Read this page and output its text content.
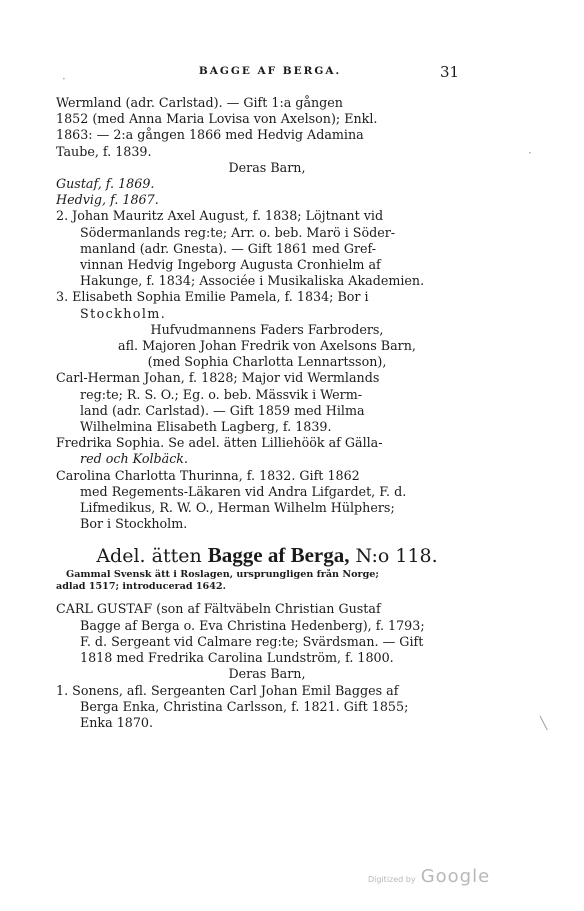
BAGGE AF BERGA.	31
Wermland (adr. Carlstad). — Gift 1:a gången
1852 (med Anna Maria Lovisa von Axelson); Enkl.
1863: — 2:a gången 1866 med Hedvig Adamina
Taube, f. 1839.
Deras Barn,
Gustaf, f. 1869.
Hedvig, f. 1867.
2. Johan Mauritz Axel August, f. 1838; Löjtnant vid
Södermanlands reg:te; Arr. o. beb. Marö i Söder-
manland (adr. Gnesta). — Gift 1861 med Gref-
vinnan Hedvig Ingeborg Augusta Cronhielm af
Hakunge, f. 1834; Associée i Musikaliska Akademien.
3. Elisabeth Sophia Emilie Pamela, f. 1834; Bor i
Stockholm.
Hufvudmannens Faders Farbroders,
afl. Majoren Johan Fredrik von Axelsons Barn,
(med Sophia Charlotta Lennartsson),
Carl-Herman Johan, f. 1828; Major vid Wermlands
reg:te; R. S. O.; Eg. o. beb. Mässvik i Werm-
land (adr. Carlstad). — Gift 1859 med Hilma
Wilhelmina Elisabeth Lagberg, f. 1839.
Fredrika Sophia. Se adel. ätten Lilliehöök af Gälla-
red och Kolbäck.
Carolina Charlotta Thurinna, f. 1832. Gift 1862
med Regements-Läkaren vid Andra Lifgardet, F. d.
Lifmedikus, R. W. O., Herman Wilhelm Hülphers;
Bor i Stockholm.
Adel. ätten Bagge af Berga, N:o 118.
Gammal Svensk ätt i Roslagen, ursprungligen från Norge;
adlad 1517; introducerad 1642.
CARL GUSTAF (son af Fältväbeln Christian Gustaf
Bagge af Berga o. Eva Christina Hedenberg), f. 1793;
F. d. Sergeant vid Calmare reg:te; Svärdsman. — Gift
1818 med Fredrika Carolina Lundström, f. 1800.
Deras Barn,
1. Sonens, afl. Sergeanten Carl Johan Emil Bagges af
Berga Enka, Christina Carlsson, f. 1821. Gift 1855;
Enka 1870.
·
·
╲
Digitized by Google
